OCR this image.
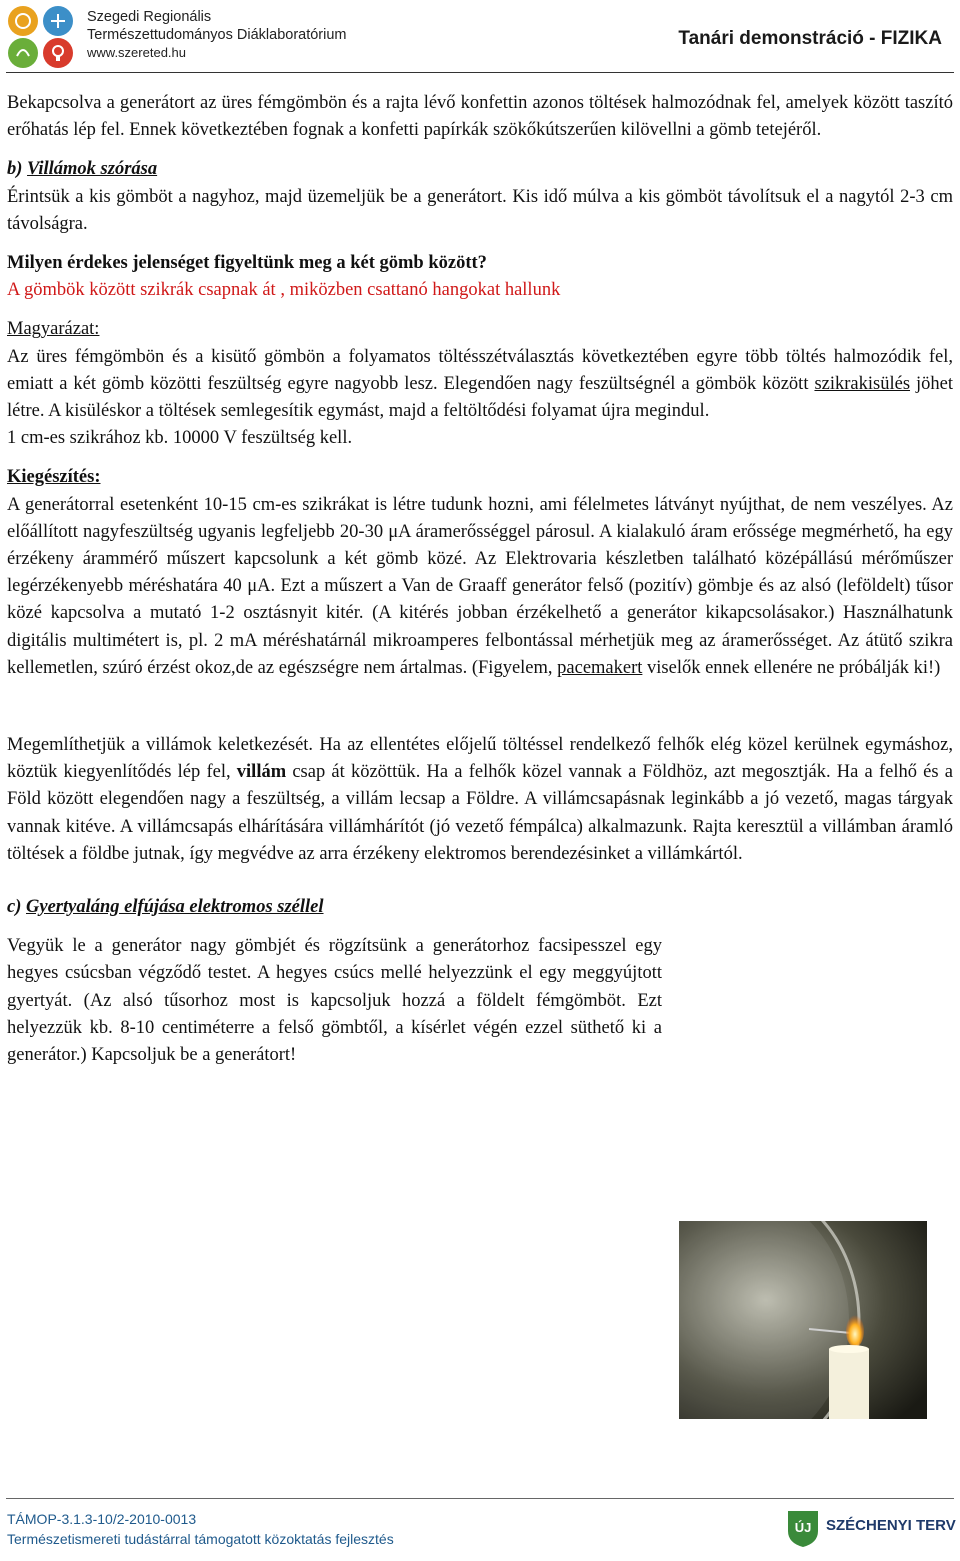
Szegedi Regionális
Természettudományos Diáklaboratórium
www.szereted.hu
Tanári demonstráció - FIZIKA

Bekapcsolva a generátort az üres fémgömbön és a rajta lévő konfettin azonos töltések halmozódnak fel, amelyek között taszító erőhatás lép fel. Ennek következtében fognak a konfetti papírkák szökőkútszerűen kilövellni a gömb tetejéről.

b) Villámok szórása

Érintsük a kis gömböt a nagyhoz, majd üzemeljük be a generátort. Kis idő múlva a kis gömböt távolítsuk el a nagytól 2-3 cm távolságra.

Milyen érdekes jelenséget figyeltünk meg a két gömb között?

A gömbök között szikrák csapnak át , miközben csattanó hangokat hallunk

Magyarázat:

Az üres fémgömbön és a kisütő gömbön a folyamatos töltésszétválasztás következtében egyre több töltés halmozódik fel, emiatt a két gömb közötti feszültség egyre nagyobb lesz. Elegendően nagy feszültségnél a gömbök között szikrakisülés jöhet létre. A kisüléskor a töltések semlegesítik egymást, majd a feltöltődési folyamat újra megindul.

1 cm-es szikrához kb. 10000 V feszültség kell.

Kiegészítés:

A generátorral esetenként 10-15 cm-es szikrákat is létre tudunk hozni, ami félelmetes látványt nyújthat, de nem veszélyes. Az előállított nagyfeszültség ugyanis legfeljebb 20-30 μA áramerősséggel párosul. A kialakuló áram erőssége megmérhető, ha egy érzékeny árammérő műszert kapcsolunk a két gömb közé. Az Elektrovaria készletben található középállású mérőműszer legérzékenyebb méréshatára 40 μA. Ezt a műszert a Van de Graaff generátor felső (pozitív) gömbje és az alsó (leföldelt) tűsor közé kapcsolva a mutató 1-2 osztásnyit kitér. (A kitérés jobban érzékelhető a generátor kikapcsolásakor.) Használhatunk digitális multimétert is, pl. 2 mA méréshatárnál mikroamperes felbontással mérhetjük meg az áramerősséget. Az átütő szikra kellemetlen, szúró érzést okoz,de az egészségre nem ártalmas. (Figyelem, pacemakert viselők ennek ellenére ne próbálják ki!)

Megemlíthetjük a villámok keletkezését. Ha az ellentétes előjelű töltéssel rendelkező felhők elég közel kerülnek egymáshoz, köztük kiegyenlítődés lép fel, villám csap át közöttük. Ha a felhők közel vannak a Földhöz, azt megosztják. Ha a felhő és a Föld között elegendően nagy a feszültség, a villám lecsap a Földre. A villámcsapásnak leginkább a jó vezető, magas tárgyak vannak kitéve. A villámcsapás elhárítására villámhárítót (jó vezető fémpálca) alkalmazunk. Rajta keresztül a villámban áramló töltések a földbe jutnak, így megvédve az arra érzékeny elektromos berendezésinket a villámkártól.

c) Gyertyaláng elfújása elektromos széllel

Vegyük le a generátor nagy gömbjét és rögzítsünk a generátorhoz facsipesszel egy hegyes csúcsban végződő testet. A hegyes csúcs mellé helyezzünk el egy meggyújtott gyertyát. (Az alsó tűsorhoz most is kapcsoljuk hozzá a földelt fémgömböt. Ezt helyezzük kb. 8-10 centiméterre a felső gömbtől, a kísérlet végén ezzel süthető ki a generátor.) Kapcsoljuk be a generátort!

TÁMOP-3.1.3-10/2-2010-0013
Természetismereti tudástárral támogatott közoktatás fejlesztés
ÚJ SZÉCHENYI TERV
